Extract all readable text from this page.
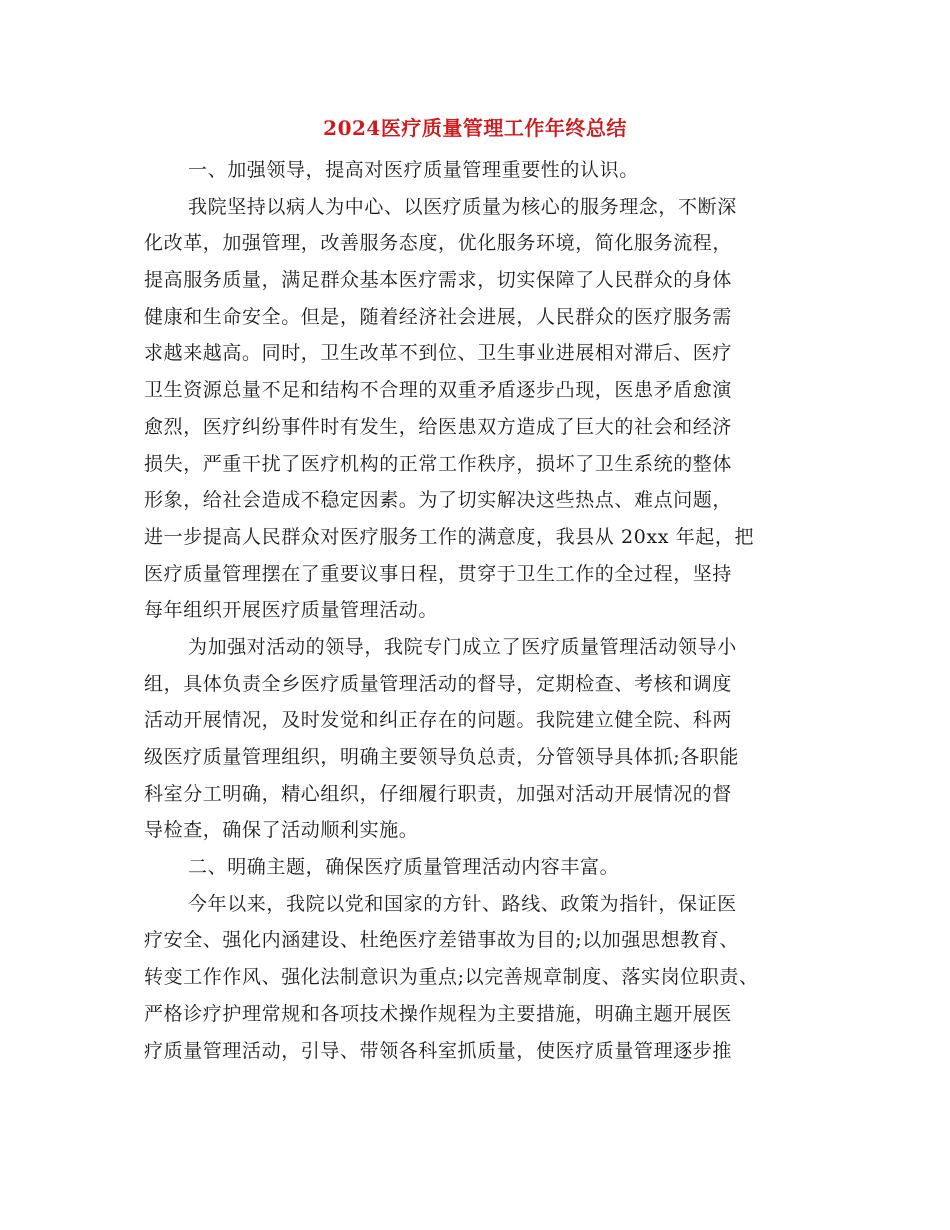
2024医疗质量管理工作年终总结
一、加强领导，提高对医疗质量管理重要性的认识。
我院坚持以病人为中心、以医疗质量为核心的服务理念，不断深
化改革，加强管理，改善服务态度，优化服务环境，简化服务流程，
提高服务质量，满足群众基本医疗需求，切实保障了人民群众的身体
健康和生命安全。但是，随着经济社会进展，人民群众的医疗服务需
求越来越高。同时，卫生改革不到位、卫生事业进展相对滞后、医疗
卫生资源总量不足和结构不合理的双重矛盾逐步凸现，医患矛盾愈演
愈烈，医疗纠纷事件时有发生，给医患双方造成了巨大的社会和经济
损失，严重干扰了医疗机构的正常工作秩序，损坏了卫生系统的整体
形象，给社会造成不稳定因素。为了切实解决这些热点、难点问题，
进一步提高人民群众对医疗服务工作的满意度，我县从 20xx 年起，把
医疗质量管理摆在了重要议事日程，贯穿于卫生工作的全过程，坚持
每年组织开展医疗质量管理活动。
为加强对活动的领导，我院专门成立了医疗质量管理活动领导小
组，具体负责全乡医疗质量管理活动的督导，定期检查、考核和调度
活动开展情况，及时发觉和纠正存在的问题。我院建立健全院、科两
级医疗质量管理组织，明确主要领导负总责，分管领导具体抓;各职能
科室分工明确，精心组织，仔细履行职责，加强对活动开展情况的督
导检查，确保了活动顺利实施。
二、明确主题，确保医疗质量管理活动内容丰富。
今年以来，我院以党和国家的方针、路线、政策为指针，保证医
疗安全、强化内涵建设、杜绝医疗差错事故为目的;以加强思想教育、
转变工作作风、强化法制意识为重点;以完善规章制度、落实岗位职责、
严格诊疗护理常规和各项技术操作规程为主要措施，明确主题开展医
疗质量管理活动，引导、带领各科室抓质量，使医疗质量管理逐步推
